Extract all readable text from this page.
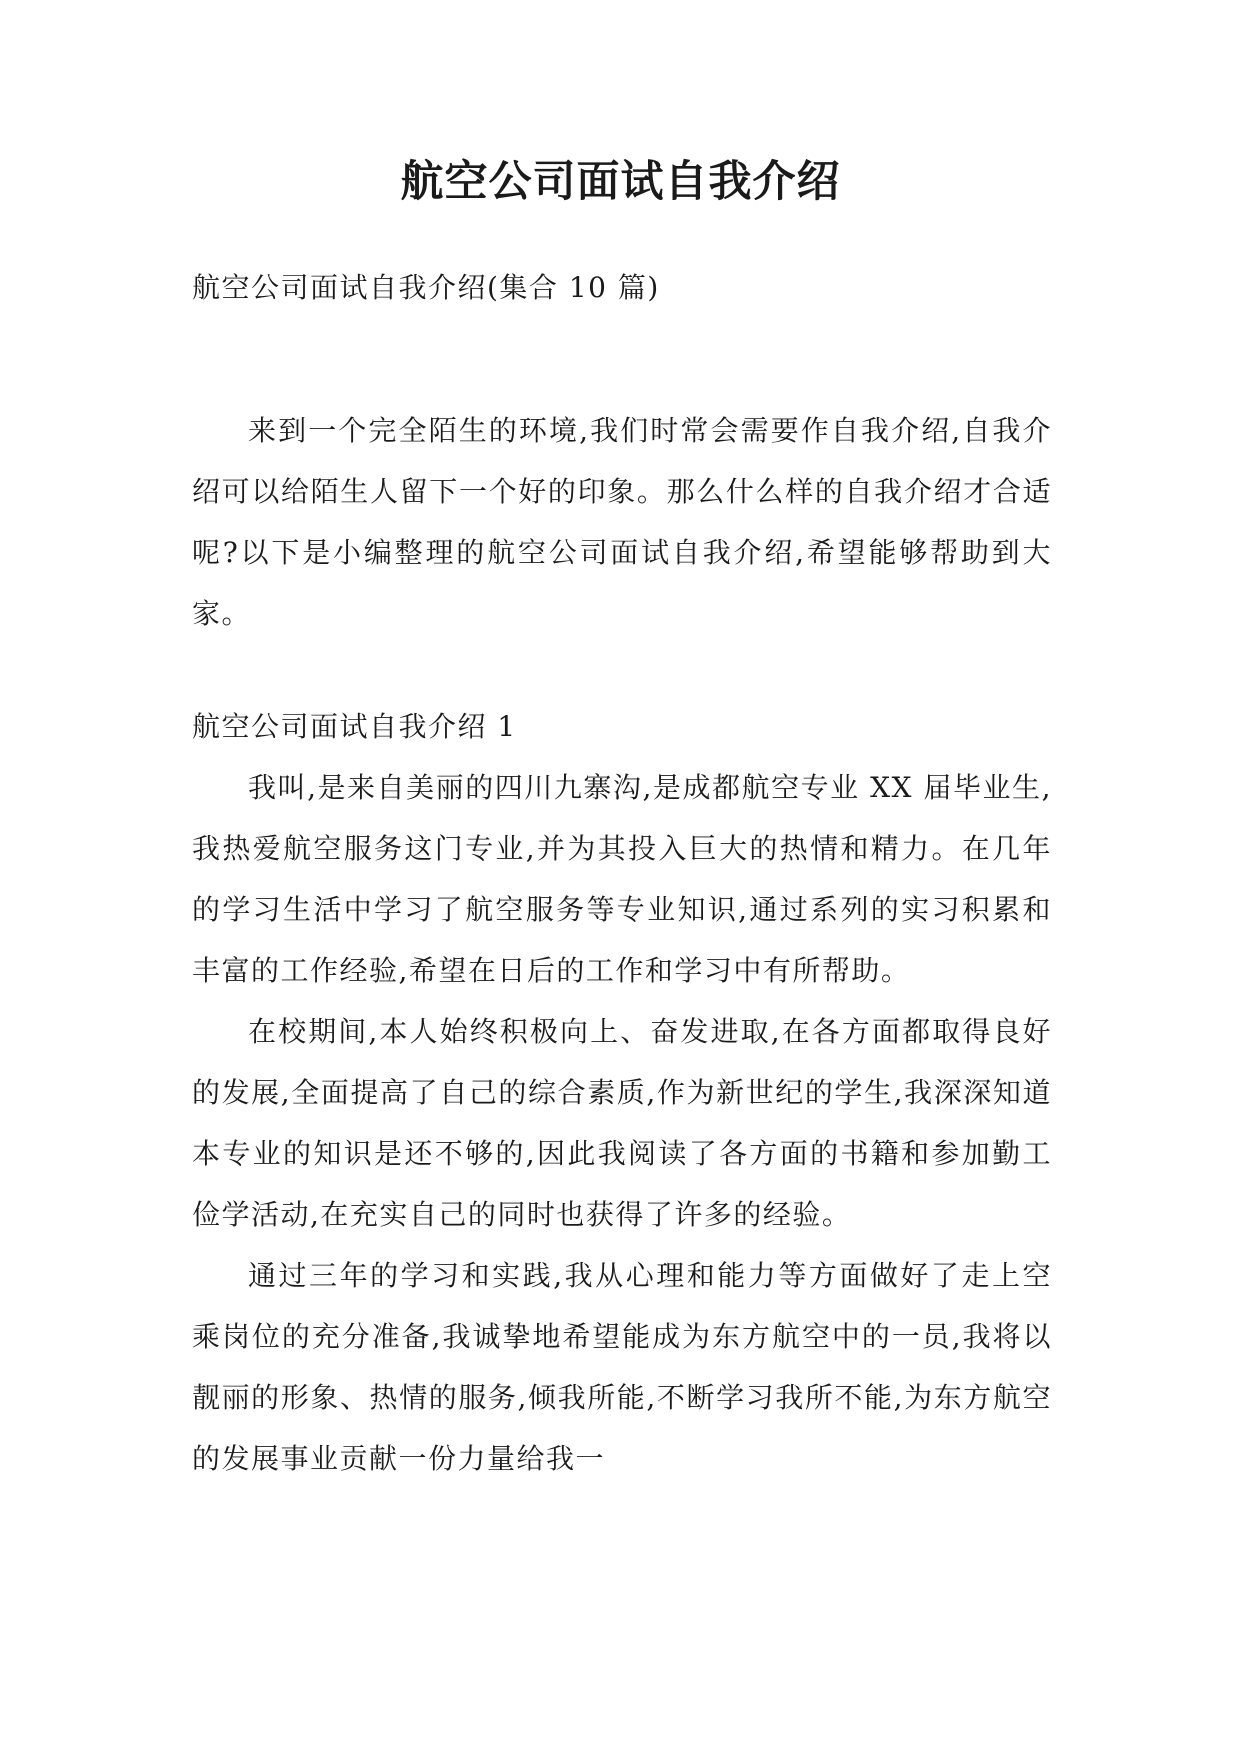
航空公司面试自我介绍

航空公司面试自我介绍(集合 10 篇)

来到一个完全陌生的环境,我们时常会需要作自我介绍,自我介绍可以给陌生人留下一个好的印象。那么什么样的自我介绍才合适呢?以下是小编整理的航空公司面试自我介绍,希望能够帮助到大家。

航空公司面试自我介绍 1

我叫,是来自美丽的四川九寨沟,是成都航空专业 XX 届毕业生,我热爱航空服务这门专业,并为其投入巨大的热情和精力。在几年的学习生活中学习了航空服务等专业知识,通过系列的实习积累和丰富的工作经验,希望在日后的工作和学习中有所帮助。

在校期间,本人始终积极向上、奋发进取,在各方面都取得良好的发展,全面提高了自己的综合素质,作为新世纪的学生,我深深知道本专业的知识是还不够的,因此我阅读了各方面的书籍和参加勤工俭学活动,在充实自己的同时也获得了许多的经验。

通过三年的学习和实践,我从心理和能力等方面做好了走上空乘岗位的充分准备,我诚挚地希望能成为东方航空中的一员,我将以靓丽的形象、热情的服务,倾我所能,不断学习我所不能,为东方航空的发展事业贡献一份力量给我一
